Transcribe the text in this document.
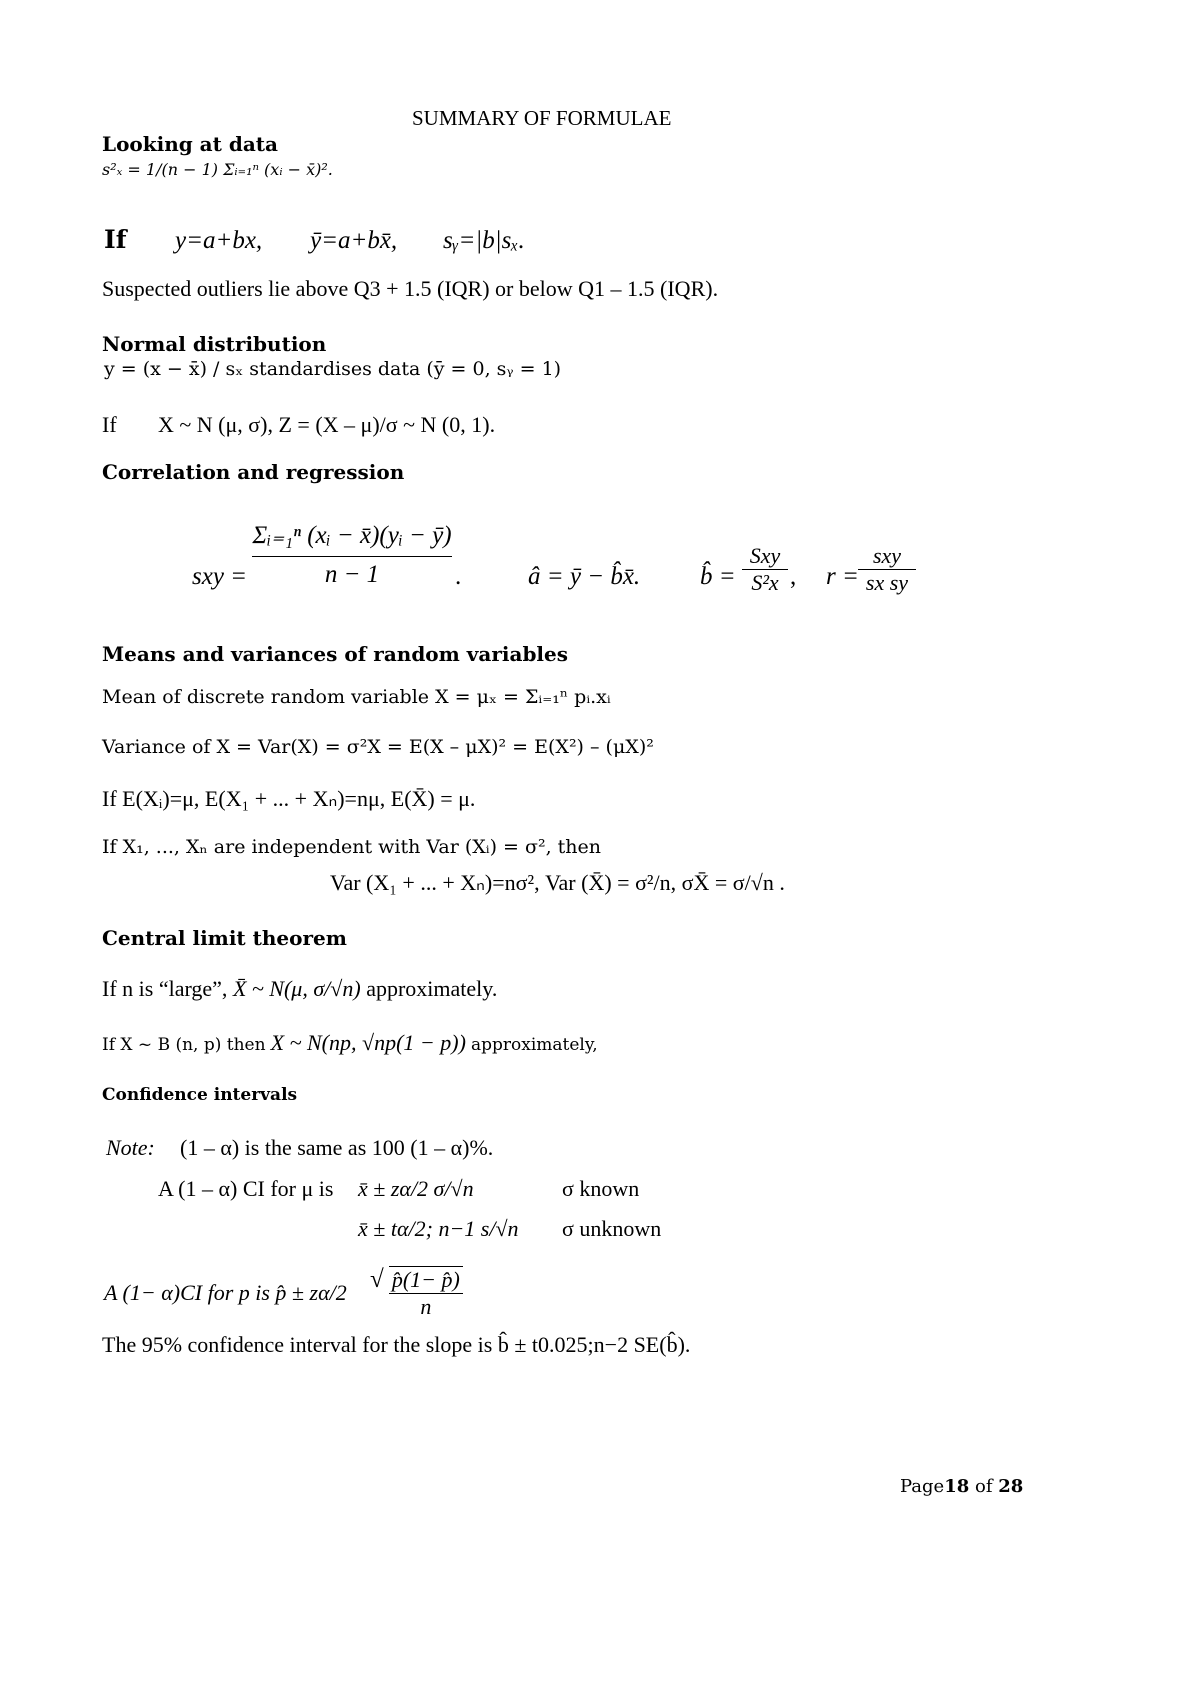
SUMMARY OF FORMULAE
Looking at data
s²ₓ = 1/(n − 1) Σᵢ₌₁ⁿ (xᵢ − x̄)².
If y=a+bx, ȳ=a+bx̄, sᵧ=|b|sₓ.
Suspected outliers lie above Q3 + 1.5 (IQR) or below Q1 – 1.5 (IQR).
Normal distribution
y = (x − x̄) / sₓ standardises data (ȳ = 0, sᵧ = 1)
If X ~ N (μ, σ), Z = (X – μ)/σ ~ N (0, 1).
Correlation and regression
sxy = $\frac{\text{Σᵢ₌₁ⁿ (xᵢ − x̄)(yᵢ − ȳ)}}{n - 1}$ .	â = ȳ − b̂x̄. b̂ =
Sxy
S²x , r =
sxy
sx sy
Means and variances of random variables
Mean of discrete random variable X = μₓ = Σᵢ₌₁ⁿ pᵢ.xᵢ
Variance of X = Var(X) = σ²X = E(X – μX)² = E(X²) – (μX)²
If E(Xᵢ)=μ, E(X₁ + ... + Xₙ)=nμ, E(X̄) = μ.
If X₁, ..., Xₙ are independent with Var (Xᵢ) = σ², then
Var (X₁ + ... + Xₙ)=nσ², Var (X̄) = σ²/n, σX̄ = σ/√n .
Central limit theorem
If n is “large”, X̄ ~ N(μ, σ/√n) approximately.
If X ~ B (n, p) then X ~ N(np, √np(1 − p)) approximately,
Confidence intervals
Note: (1 – α) is the same as 100 (1 – α)%.
A (1 – α) CI for μ is x̄ ± zα/2 σ/√n	σ known
x̄ ± tα/2; n−1 s/√n σ unknown
A (1− α)CI for p is p̂ ± zα/2 √ $\frac{p̂(1- p̂)}{n}$
The 95% confidence interval for the slope is b̂ ± t0.025;n−2 SE(b̂).
Page18 of 28
